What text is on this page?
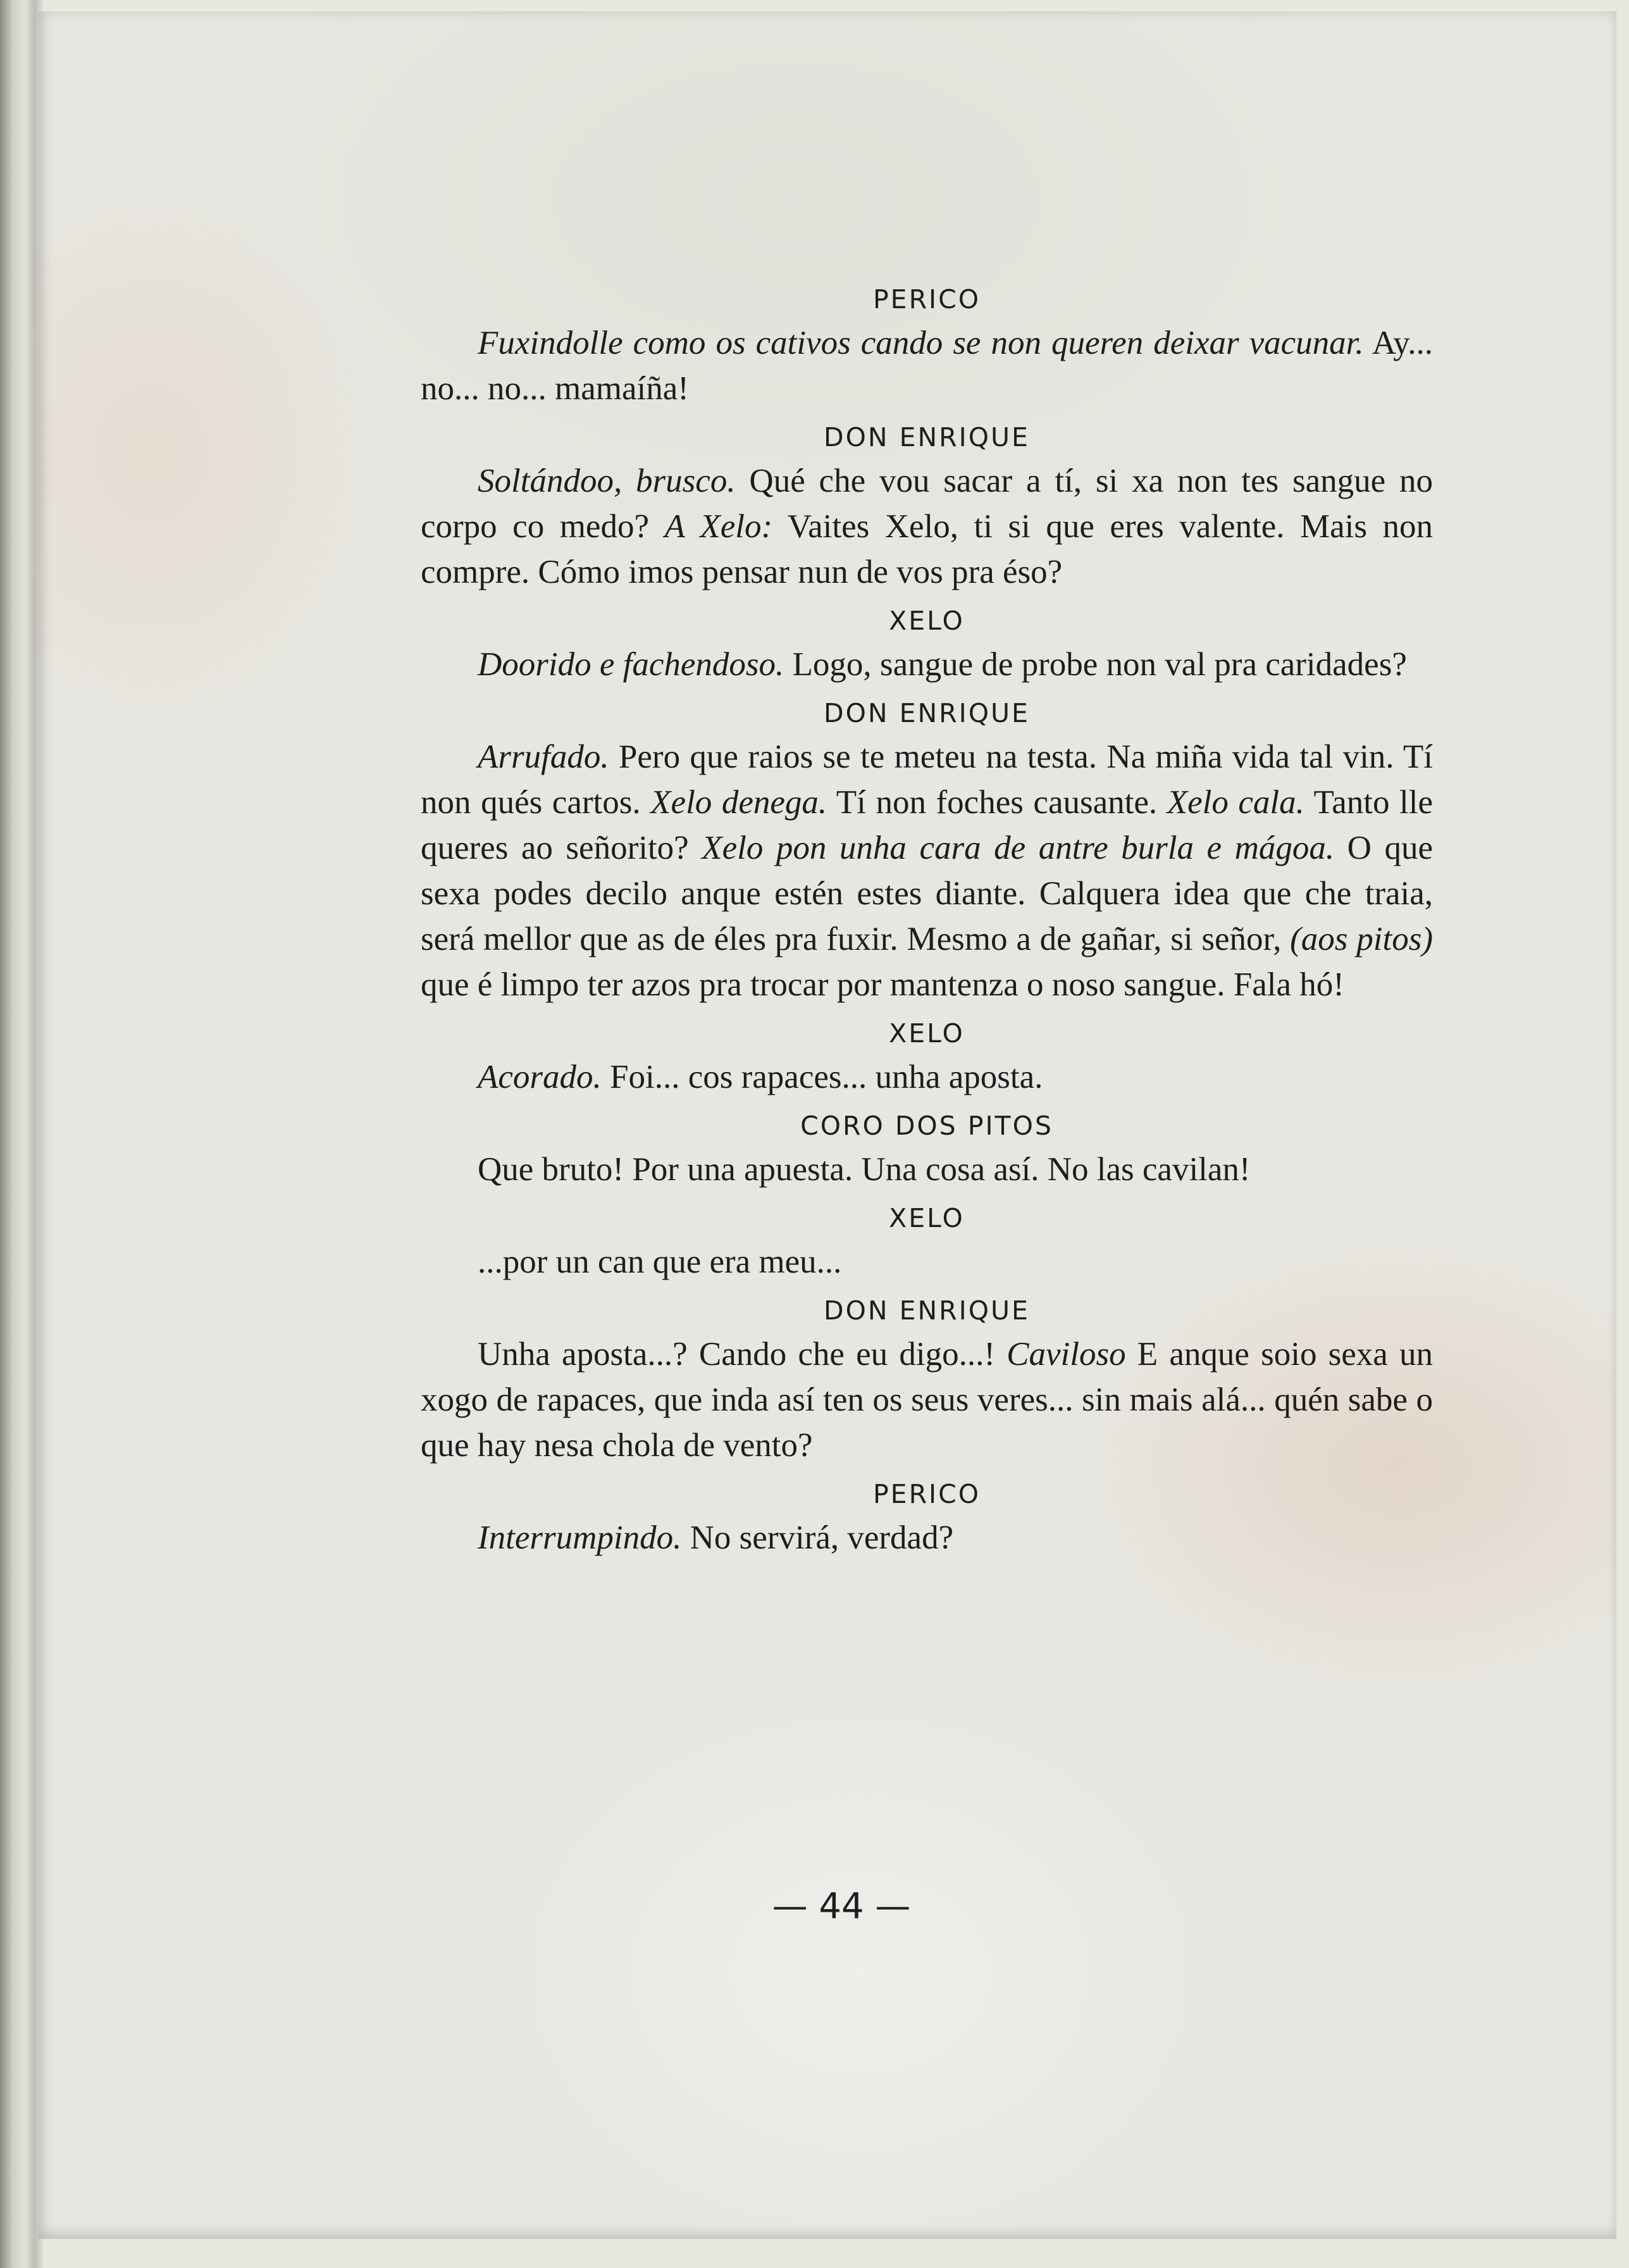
PERICO

Fuxindolle como os cativos cando se non queren deixar vacunar. Ay... no... no... mamaíña!

DON ENRIQUE

Soltándoo, brusco. Qué che vou sacar a tí, si xa non tes sangue no corpo co medo? A Xelo: Vaites Xelo, ti si que eres valente. Mais non compre. Cómo imos pensar nun de vos pra éso?

XELO

Doorido e fachendoso. Logo, sangue de probe non val pra caridades?

DON ENRIQUE

Arrufado. Pero que raios se te meteu na testa. Na miña vida tal vin. Tí non qués cartos. Xelo denega. Tí non foches causante. Xelo cala. Tanto lle queres ao señorito? Xelo pon unha cara de antre burla e mágoa. O que sexa podes decilo anque estén estes diante. Calquera idea que che traia, será mellor que as de éles pra fuxir. Mesmo a de gañar, si señor, (aos pitos) que é limpo ter azos pra trocar por mantenza o noso sangue. Fala hó!

XELO

Acorado. Foi... cos rapaces... unha aposta.

CORO DOS PITOS

Que bruto! Por una apuesta. Una cosa así. No las cavilan!

XELO

...por un can que era meu...

DON ENRIQUE

Unha aposta...? Cando che eu digo...! Caviloso E anque soio sexa un xogo de rapaces, que inda así ten os seus veres... sin mais alá... quén sabe o que hay nesa chola de vento?

PERICO

Interrumpindo. No servirá, verdad?

— 44 —
